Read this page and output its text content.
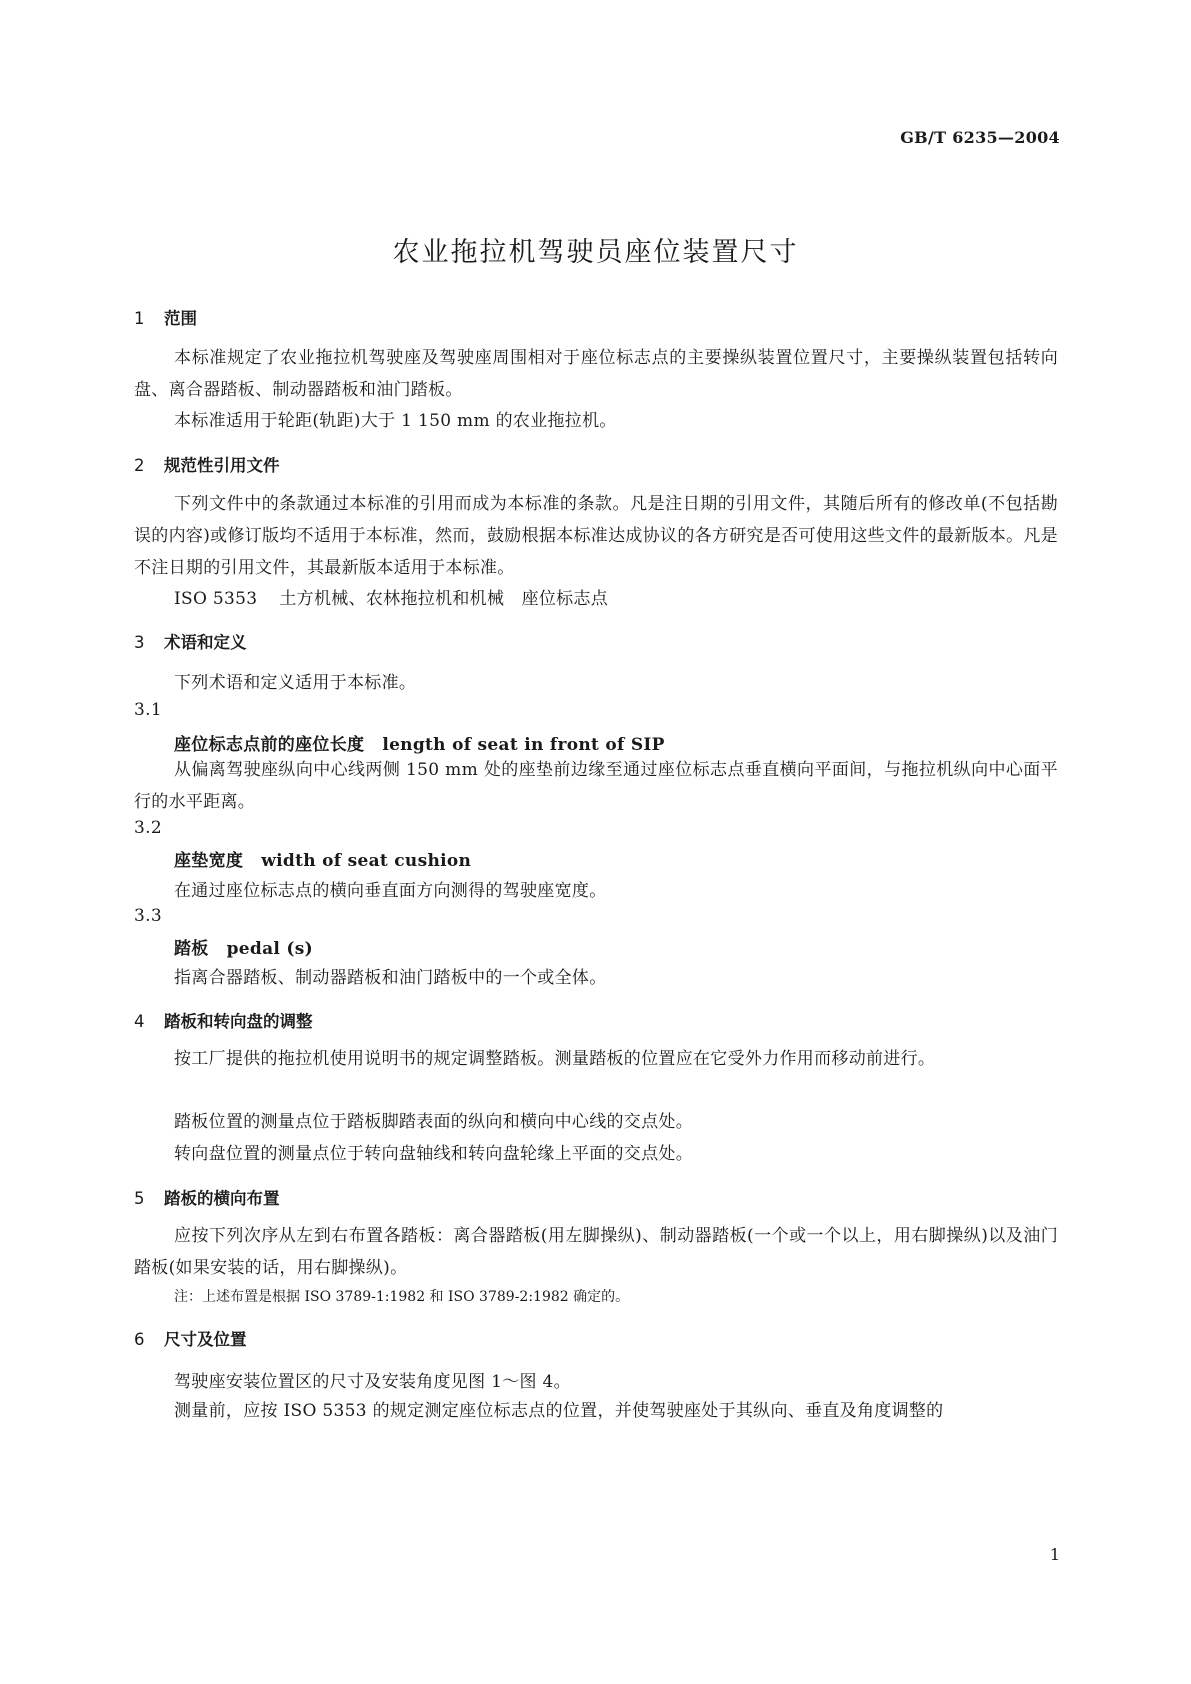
GB/T 6235—2004
农业拖拉机驾驶员座位装置尺寸
1 范围
本标准规定了农业拖拉机驾驶座及驾驶座周围相对于座位标志点的主要操纵装置位置尺寸，主要操纵装置包括转向盘、离合器踏板、制动器踏板和油门踏板。
本标准适用于轮距(轨距)大于 1 150 mm 的农业拖拉机。
2 规范性引用文件
下列文件中的条款通过本标准的引用而成为本标准的条款。凡是注日期的引用文件，其随后所有的修改单(不包括勘误的内容)或修订版均不适用于本标准，然而，鼓励根据本标准达成协议的各方研究是否可使用这些文件的最新版本。凡是不注日期的引用文件，其最新版本适用于本标准。
ISO 5353 土方机械、农林拖拉机和机械　座位标志点
3 术语和定义
下列术语和定义适用于本标准。
3.1
座位标志点前的座位长度 length of seat in front of SIP
从偏离驾驶座纵向中心线两侧 150 mm 处的座垫前边缘至通过座位标志点垂直横向平面间，与拖拉机纵向中心面平行的水平距离。
3.2
座垫宽度 width of seat cushion
在通过座位标志点的横向垂直面方向测得的驾驶座宽度。
3.3
踏板 pedal (s)
指离合器踏板、制动器踏板和油门踏板中的一个或全体。
4 踏板和转向盘的调整
按工厂提供的拖拉机使用说明书的规定调整踏板。测量踏板的位置应在它受外力作用而移动前进行。
踏板位置的测量点位于踏板脚踏表面的纵向和横向中心线的交点处。
转向盘位置的测量点位于转向盘轴线和转向盘轮缘上平面的交点处。
5 踏板的横向布置
应按下列次序从左到右布置各踏板：离合器踏板(用左脚操纵)、制动器踏板(一个或一个以上，用右脚操纵)以及油门踏板(如果安装的话，用右脚操纵)。
注：上述布置是根据 ISO 3789-1:1982 和 ISO 3789-2:1982 确定的。
6 尺寸及位置
驾驶座安装位置区的尺寸及安装角度见图 1～图 4。
测量前，应按 ISO 5353 的规定测定座位标志点的位置，并使驾驶座处于其纵向、垂直及角度调整的
1
